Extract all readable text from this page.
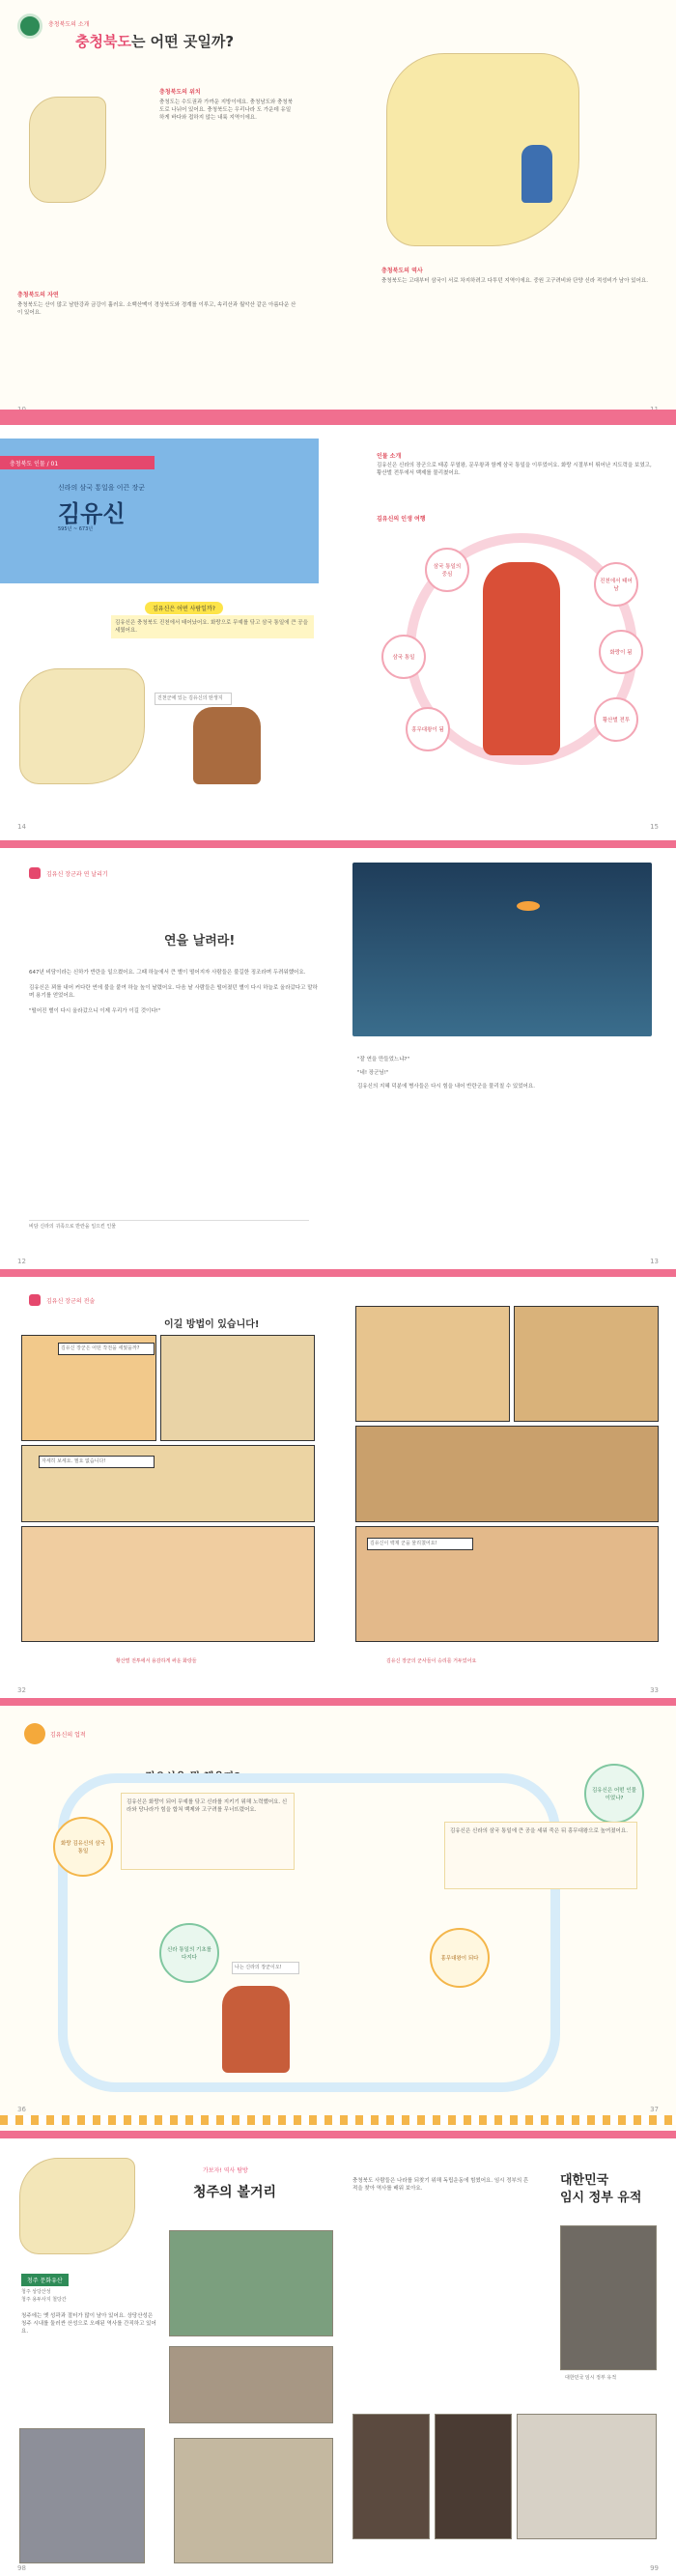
충청북도의 소개
충청북도는 어떤 곳일까?
충청북도의 위치
충청도는 수도권과 가까운 지방이에요. 충청남도와 충청북도로 나뉘어 있어요. 충청북도는 우리나라 도 가운데 유일하게 바다와 접하지 않는 내륙 지역이에요.
충청북도의 자연
충청북도는 산이 많고 남한강과 금강이 흘러요. 소백산맥이 경상북도와 경계를 이루고, 속리산과 월악산 같은 아름다운 산이 있어요.
충청북도의 역사
충청북도는 고대부터 삼국이 서로 차지하려고 다투던 지역이에요. 중원 고구려비와 단양 신라 적성비가 남아 있어요.
충청북도 인물 / 01
신라의 삼국 통일을 이끈 장군
김유신
595년 ~ 673년
김유신은 어떤 사람일까?
김유신은 충청북도 진천에서 태어났어요. 화랑으로 무예를 닦고 삼국 통일에 큰 공을 세웠어요.
진천군에 있는 김유신의 탄생지
인물 소개
김유신은 신라의 장군으로 태종 무열왕, 문무왕과 함께 삼국 통일을 이루었어요. 화랑 시절부터 뛰어난 지도력을 보였고, 황산벌 전투에서 백제를 물리쳤어요.
김유신의 인생 여행
삼국 통일의 중심
진천에서 태어남
화랑이 됨
황산벌 전투
삼국 통일
흥무대왕이 됨
14	15
김유신 장군과 연 날리기
연을 날려라!

647년 비담이라는 신하가 반란을 일으켰어요. 그때 하늘에서 큰 별이 떨어지자 사람들은 불길한 징조라며 두려워했어요.

김유신은 꾀를 내어 커다란 연에 불을 붙여 하늘 높이 날렸어요. 다음 날 사람들은 떨어졌던 별이 다시 하늘로 올라갔다고 말하며 용기를 얻었어요.

"떨어진 별이 다시 올라갔으니 이제 우리가 이길 것이다!"

비담 신라의 귀족으로 반란을 일으킨 인물

"잘 연을 만들었느냐?"

"네! 장군님!"

김유신의 지혜 덕분에 병사들은 다시 힘을 내어 반란군을 물리칠 수 있었어요.

12	13
김유신 장군의 전술
이길 방법이 있습니다!
김유신 장군은 어떤 작전을 세웠을까?
자세히 보세요. 필요 없습니다!
김유신이 백제 군을 물리쳤어요!
황산벌 전투에서 용감하게 싸운 화랑들	김유신 장군의 군사들이 승리를 거두었어요
32	33
김유신의 업적
김유신은 뭘 했을까?
화랑 김유신의 삼국 통일
신라 통일의 기초를 다지다
김유신은 어떤 인물이었나?
흥무대왕이 되다
김유신은 화랑이 되어 무예를 닦고 신라를 지키기 위해 노력했어요. 신라와 당나라가 힘을 합쳐 백제와 고구려를 무너뜨렸어요.
김유신은 신라의 삼국 통일에 큰 공을 세워 죽은 뒤 흥무대왕으로 높여졌어요.
나는 신라의 장군이오!
36	37
가보자! 역사 탐방
청주의 볼거리
청주 문화유산
청주 상당산성
청주 용두사지 철당간
청주에는 옛 성곽과 절터가 많이 남아 있어요. 상당산성은 청주 시내를 둘러싼 산성으로 오래된 역사를 간직하고 있어요.
대한민국
임시 정부 유적
충청북도 사람들은 나라를 되찾기 위해 독립운동에 힘썼어요. 임시 정부의 흔적을 찾아 역사를 배워 보아요.
대한민국 임시 정부 유적
98	99
